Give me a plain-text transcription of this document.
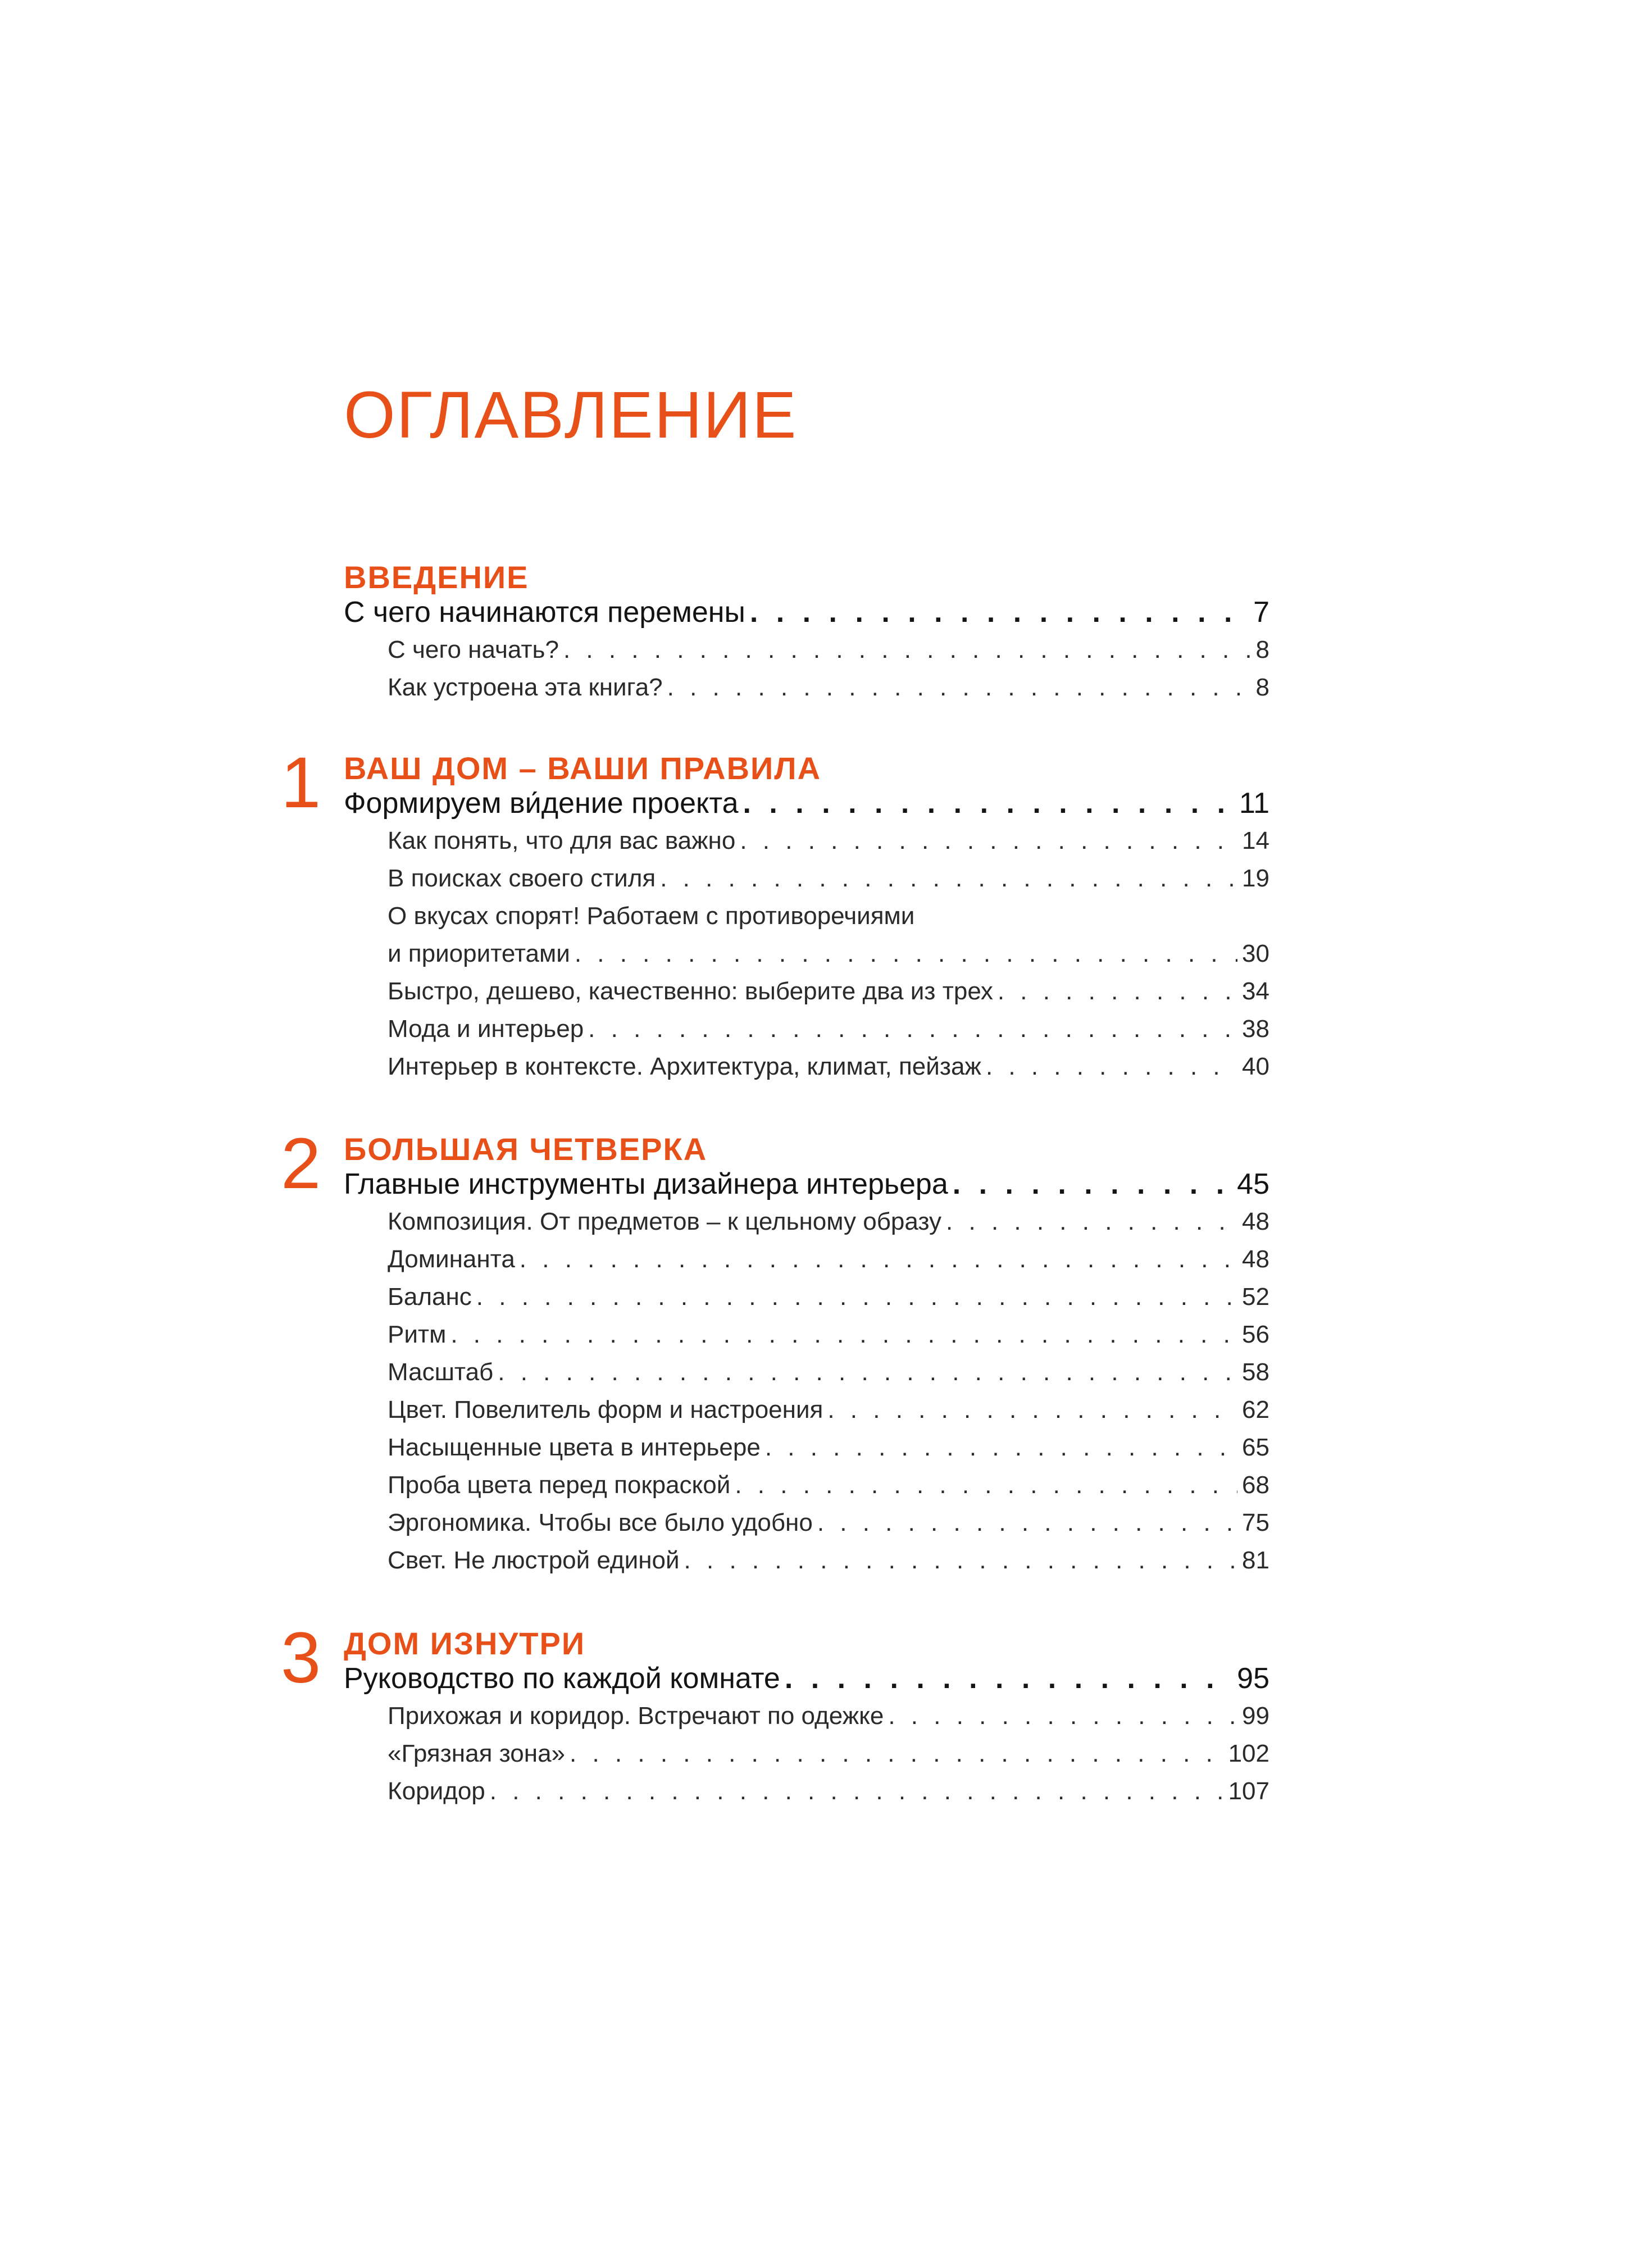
ОГЛАВЛЕНИЕ
ВВЕДЕНИЕ
С чего начинаются перемены . . .	7
С чего начать? . . .	8
Как устроена эта книга? . . .	8
1 ВАШ ДОМ – ВАШИ ПРАВИЛА
Формируем ви́дение проекта . . .	11
Как понять, что для вас важно . . .	14
В поисках своего стиля . . .	19
О вкусах спорят! Работаем с противоречиями
и приоритетами . . .	30
Быстро, дешево, качественно: выберите два из трех . . .	34
Мода и интерьер . . .	38
Интерьер в контексте. Архитектура, климат, пейзаж . . .	40
2 БОЛЬШАЯ ЧЕТВЕРКА
Главные инструменты дизайнера интерьера . . .	45
Композиция. От предметов – к цельному образу . . .	48
Доминанта . . .	48
Баланс . . .	52
Ритм . . .	56
Масштаб . . .	58
Цвет. Повелитель форм и настроения . . .	62
Насыщенные цвета в интерьере . . .	65
Проба цвета перед покраской . . .	68
Эргономика. Чтобы все было удобно . . .	75
Свет. Не люстрой единой . . .	81
3 ДОМ ИЗНУТРИ
Руководство по каждой комнате . . .	95
Прихожая и коридор. Встречают по одежке . . .	99
«Грязная зона» . . .	102
Коридор . . .	107
